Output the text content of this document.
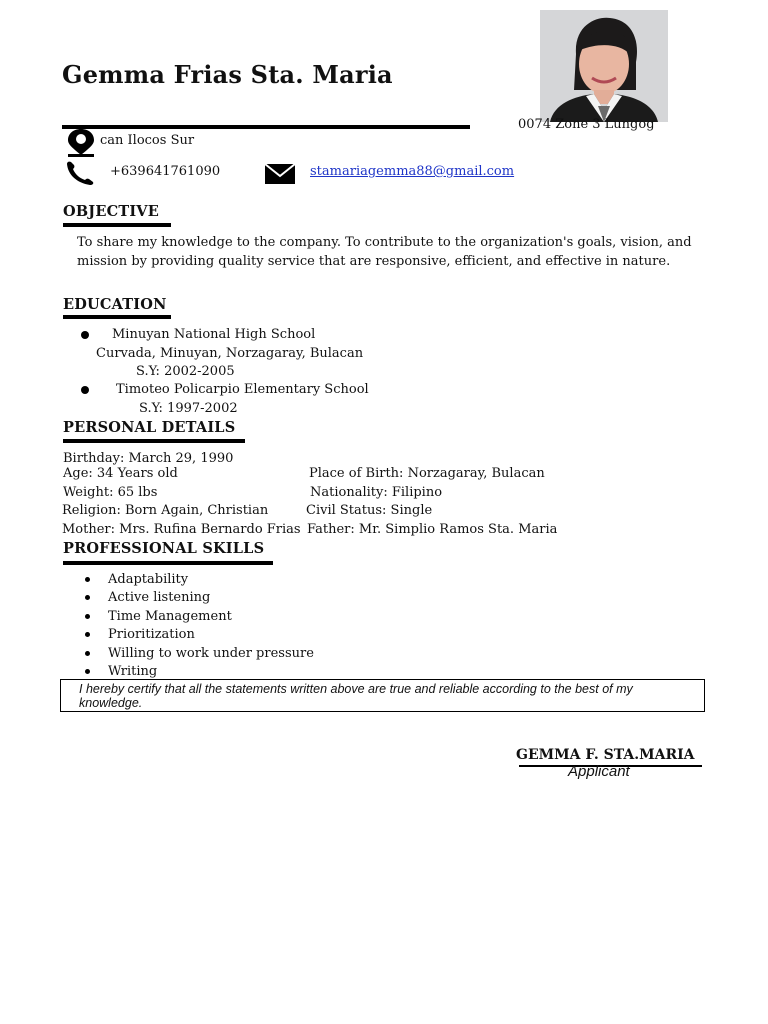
Gemma Frias Sta. Maria
0074 Zone 3 Lungog
can Ilocos Sur
+639641761090	stamariagemma88@gmail.com
OBJECTIVE
To share my knowledge to the company. To contribute to the organization's goals, vision, and
mission by providing quality service that are responsive, efficient, and effective in nature.
EDUCATION
Minuyan National High School
Curvada, Minuyan, Norzagaray, Bulacan
S.Y: 2002-2005
Timoteo Policarpio Elementary School
S.Y: 1997-2002
PERSONAL DETAILS
Birthday: March 29, 1990
Age: 34 Years old	Place of Birth: Norzagaray, Bulacan
Weight: 65 lbs	Nationality: Filipino
Religion: Born Again, Christian	Civil Status: Single
Mother: Mrs. Rufina Bernardo Frias Father: Mr. Simplio Ramos Sta. Maria
PROFESSIONAL SKILLS
Adaptability
Active listening
Time Management
Prioritization
Willing to work under pressure
Writing
I hereby certify that all the statements written above are true and reliable according to the best of my knowledge.
GEMMA F. STA.MARIA
Applicant
